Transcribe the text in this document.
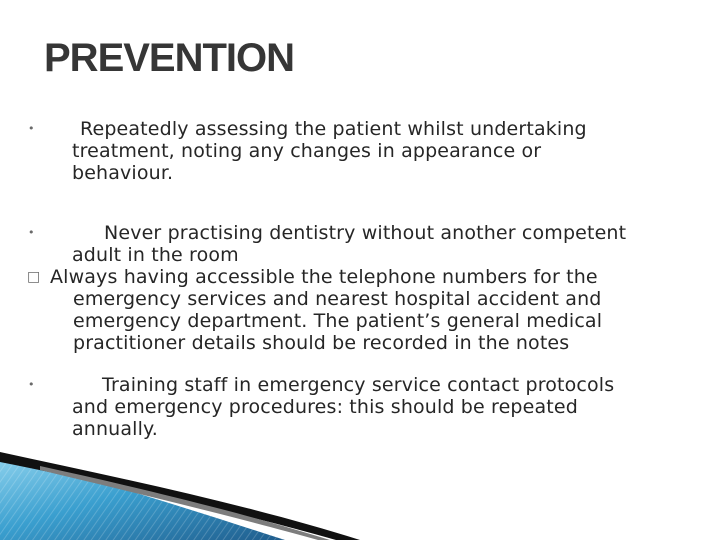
PREVENTION
• Repeatedly assessing the patient whilst undertaking
treatment, noting any changes in appearance or
behaviour.
•	Never practising dentistry without another competent
adult in the room
□ Always having accessible the telephone numbers for the
emergency services and nearest hospital accident and
emergency department. The patient’s general medical
practitioner details should be recorded in the notes
•	Training staff in emergency service contact protocols
and emergency procedures: this should be repeated
annually.
